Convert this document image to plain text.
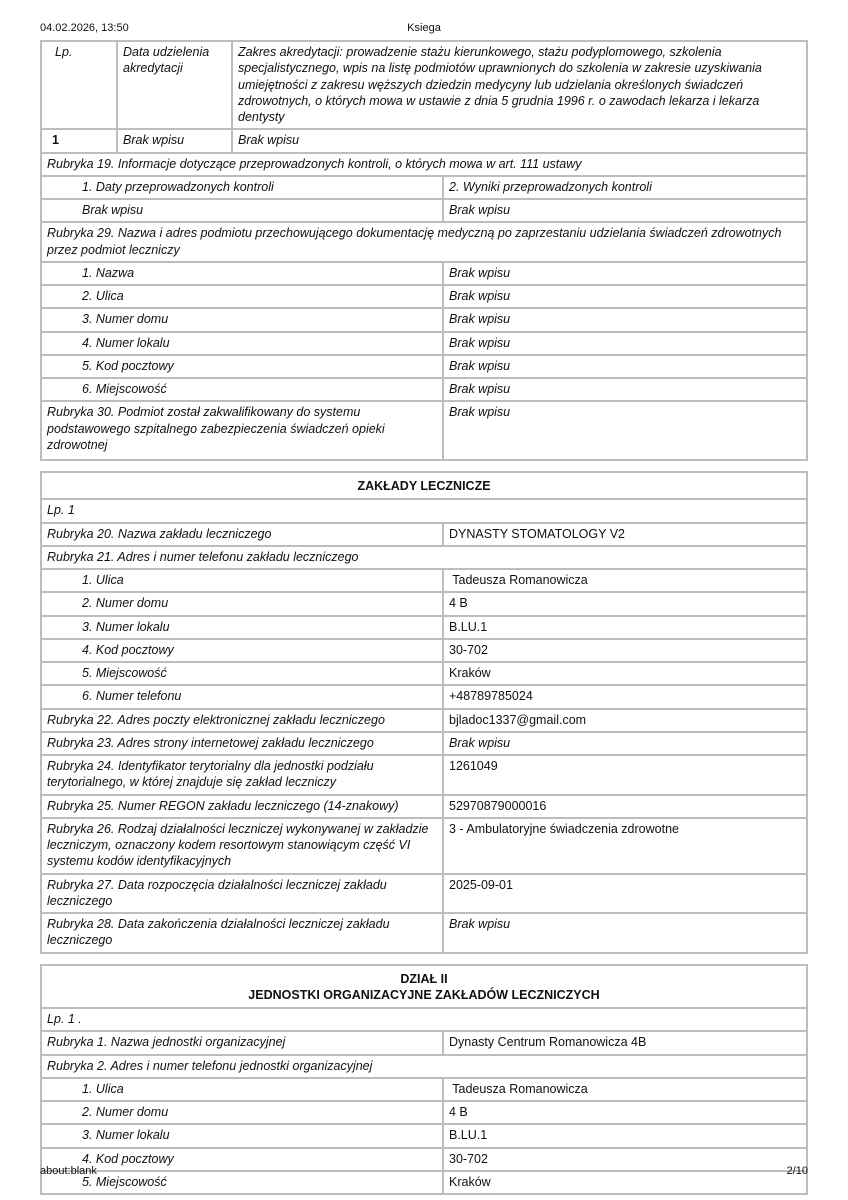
04.02.2026, 13:50	Ksiega
Lp.	Data udzielenia akredytacji	Zakres akredytacji: prowadzenie stażu kierunkowego, stażu podyplomowego, szkolenia specjalistycznego, wpis na listę podmiotów uprawnionych do szkolenia w zakresie uzyskiwania umiejętności z zakresu węższych dziedzin medycyny lub udzielania określonych świadczeń zdrowotnych, o których mowa w ustawie z dnia 5 grudnia 1996 r. o zawodach lekarza i lekarza dentysty
1	Brak wpisu	Brak wpisu
Rubryka 19. Informacje dotyczące przeprowadzonych kontroli, o których mowa w art. 111 ustawy	
1. Daty przeprowadzonych kontroli	2. Wyniki przeprowadzonych kontroli
Brak wpisu	Brak wpisu
Rubryka 29. Nazwa i adres podmiotu przechowującego dokumentację medyczną po zaprzestaniu udzielania świadczeń zdrowotnych przez podmiot leczniczy	
1. Nazwa	Brak wpisu
2. Ulica	Brak wpisu
3. Numer domu	Brak wpisu
4. Numer lokalu	Brak wpisu
5. Kod pocztowy	Brak wpisu
6. Miejscowość	Brak wpisu
Rubryka 30. Podmiot został zakwalifikowany do systemu podstawowego szpitalnego zabezpieczenia świadczeń opieki zdrowotnej	Brak wpisu
ZAKŁADY LECZNICZE	
Lp. 1	
Rubryka 20. Nazwa zakładu leczniczego	DYNASTY STOMATOLOGY V2
Rubryka 21. Adres i numer telefonu zakładu leczniczego	
1. Ulica	Tadeusza Romanowicza
2. Numer domu	4 B
3. Numer lokalu	B.LU.1
4. Kod pocztowy	30-702
5. Miejscowość	Kraków
6. Numer telefonu	+48789785024
Rubryka 22. Adres poczty elektronicznej zakładu leczniczego	bjladoc1337@gmail.com
Rubryka 23. Adres strony internetowej zakładu leczniczego	Brak wpisu
Rubryka 24. Identyfikator terytorialny dla jednostki podziału terytorialnego, w której znajduje się zakład leczniczy	1261049
Rubryka 25. Numer REGON zakładu leczniczego (14-znakowy)	52970879000016
Rubryka 26. Rodzaj działalności leczniczej wykonywanej w zakładzie leczniczym, oznaczony kodem resortowym stanowiącym część VI systemu kodów identyfikacyjnych	3 - Ambulatoryjne świadczenia zdrowotne
Rubryka 27. Data rozpoczęcia działalności leczniczej zakładu leczniczego	2025-09-01
Rubryka 28. Data zakończenia działalności leczniczej zakładu leczniczego	Brak wpisu
DZIAŁ II
JEDNOSTKI ORGANIZACYJNE ZAKŁADÓW LECZNICZYCH	

Lp. 1 .	
Rubryka 1. Nazwa jednostki organizacyjnej	Dynasty Centrum Romanowicza 4B
Rubryka 2. Adres i numer telefonu jednostki organizacyjnej	
1. Ulica	Tadeusza Romanowicza
2. Numer domu	4 B
3. Numer lokalu	B.LU.1
4. Kod pocztowy	30-702
5. Miejscowość	Kraków
about:blank	2/10
